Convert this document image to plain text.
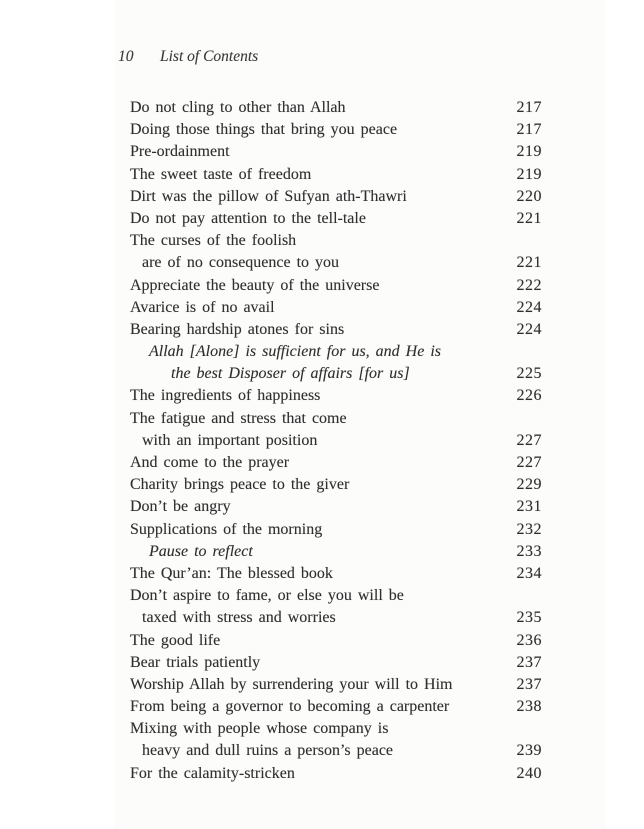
10 List of Contents
Do not cling to other than Allah	217
Doing those things that bring you peace	217
Pre-ordainment	219
The sweet taste of freedom	219
Dirt was the pillow of Sufyan ath-Thawri	220
Do not pay attention to the tell-tale	221
The curses of the foolish
are of no consequence to you	221
Appreciate the beauty of the universe	222
Avarice is of no avail	224
Bearing hardship atones for sins	224
Allah [Alone] is sufficient for us, and He is
the best Disposer of affairs [for us]	225
The ingredients of happiness	226
The fatigue and stress that come
with an important position	227
And come to the prayer	227
Charity brings peace to the giver	229
Don’t be angry	231
Supplications of the morning	232
Pause to reflect	233
The Qur’an: The blessed book	234
Don’t aspire to fame, or else you will be
taxed with stress and worries	235
The good life	236
Bear trials patiently	237
Worship Allah by surrendering your will to Him	237
From being a governor to becoming a carpenter	238
Mixing with people whose company is
heavy and dull ruins a person’s peace	239
For the calamity-stricken	240
